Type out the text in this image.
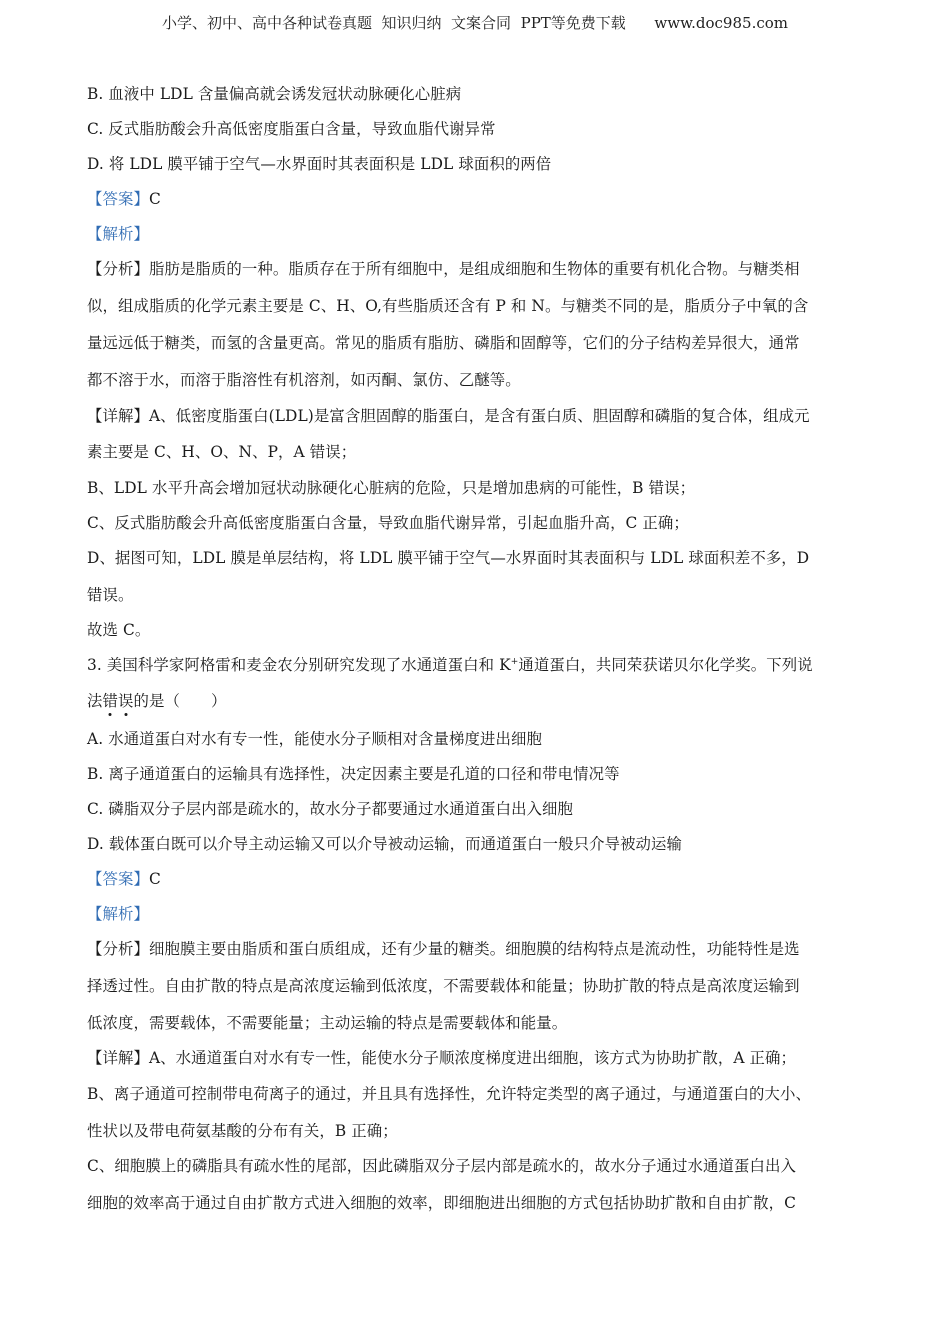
小学、初中、高中各种试卷真题  知识归纳  文案合同  PPT等免费下载      www.doc985.com
B. 血液中 LDL 含量偏高就会诱发冠状动脉硬化心脏病
C. 反式脂肪酸会升高低密度脂蛋白含量，导致血脂代谢异常
D. 将 LDL 膜平铺于空气—水界面时其表面积是 LDL 球面积的两倍
【答案】C
【解析】
【分析】脂肪是脂质的一种。脂质存在于所有细胞中，是组成细胞和生物体的重要有机化合物。与糖类相
似，组成脂质的化学元素主要是 C、H、O,有些脂质还含有 P 和 N。与糖类不同的是，脂质分子中氧的含
量远远低于糖类，而氢的含量更高。常见的脂质有脂肪、磷脂和固醇等，它们的分子结构差异很大，通常
都不溶于水，而溶于脂溶性有机溶剂，如丙酮、氯仿、乙醚等。
【详解】A、低密度脂蛋白(LDL)是富含胆固醇的脂蛋白，是含有蛋白质、胆固醇和磷脂的复合体，组成元
素主要是 C、H、O、N、P，A 错误；
B、LDL 水平升高会增加冠状动脉硬化心脏病的危险，只是增加患病的可能性，B 错误；
C、反式脂肪酸会升高低密度脂蛋白含量，导致血脂代谢异常，引起血脂升高，C 正确；
D、据图可知，LDL 膜是单层结构，将 LDL 膜平铺于空气—水界面时其表面积与 LDL 球面积差不多，D
错误。
故选 C。
3. 美国科学家阿格雷和麦金农分别研究发现了水通道蛋白和 K+通道蛋白，共同荣获诺贝尔化学奖。下列说
法错误的是（　　）
A. 水通道蛋白对水有专一性，能使水分子顺相对含量梯度进出细胞
B. 离子通道蛋白的运输具有选择性，决定因素主要是孔道的口径和带电情况等
C. 磷脂双分子层内部是疏水的，故水分子都要通过水通道蛋白出入细胞
D. 载体蛋白既可以介导主动运输又可以介导被动运输，而通道蛋白一般只介导被动运输
【答案】C
【解析】
【分析】细胞膜主要由脂质和蛋白质组成，还有少量的糖类。细胞膜的结构特点是流动性，功能特性是选
择透过性。自由扩散的特点是高浓度运输到低浓度，不需要载体和能量；协助扩散的特点是高浓度运输到
低浓度，需要载体，不需要能量；主动运输的特点是需要载体和能量。
【详解】A、水通道蛋白对水有专一性，能使水分子顺浓度梯度进出细胞，该方式为协助扩散，A 正确；
B、离子通道可控制带电荷离子的通过，并且具有选择性，允许特定类型的离子通过，与通道蛋白的大小、
性状以及带电荷氨基酸的分布有关，B 正确；
C、细胞膜上的磷脂具有疏水性的尾部，因此磷脂双分子层内部是疏水的，故水分子通过水通道蛋白出入
细胞的效率高于通过自由扩散方式进入细胞的效率，即细胞进出细胞的方式包括协助扩散和自由扩散，C
